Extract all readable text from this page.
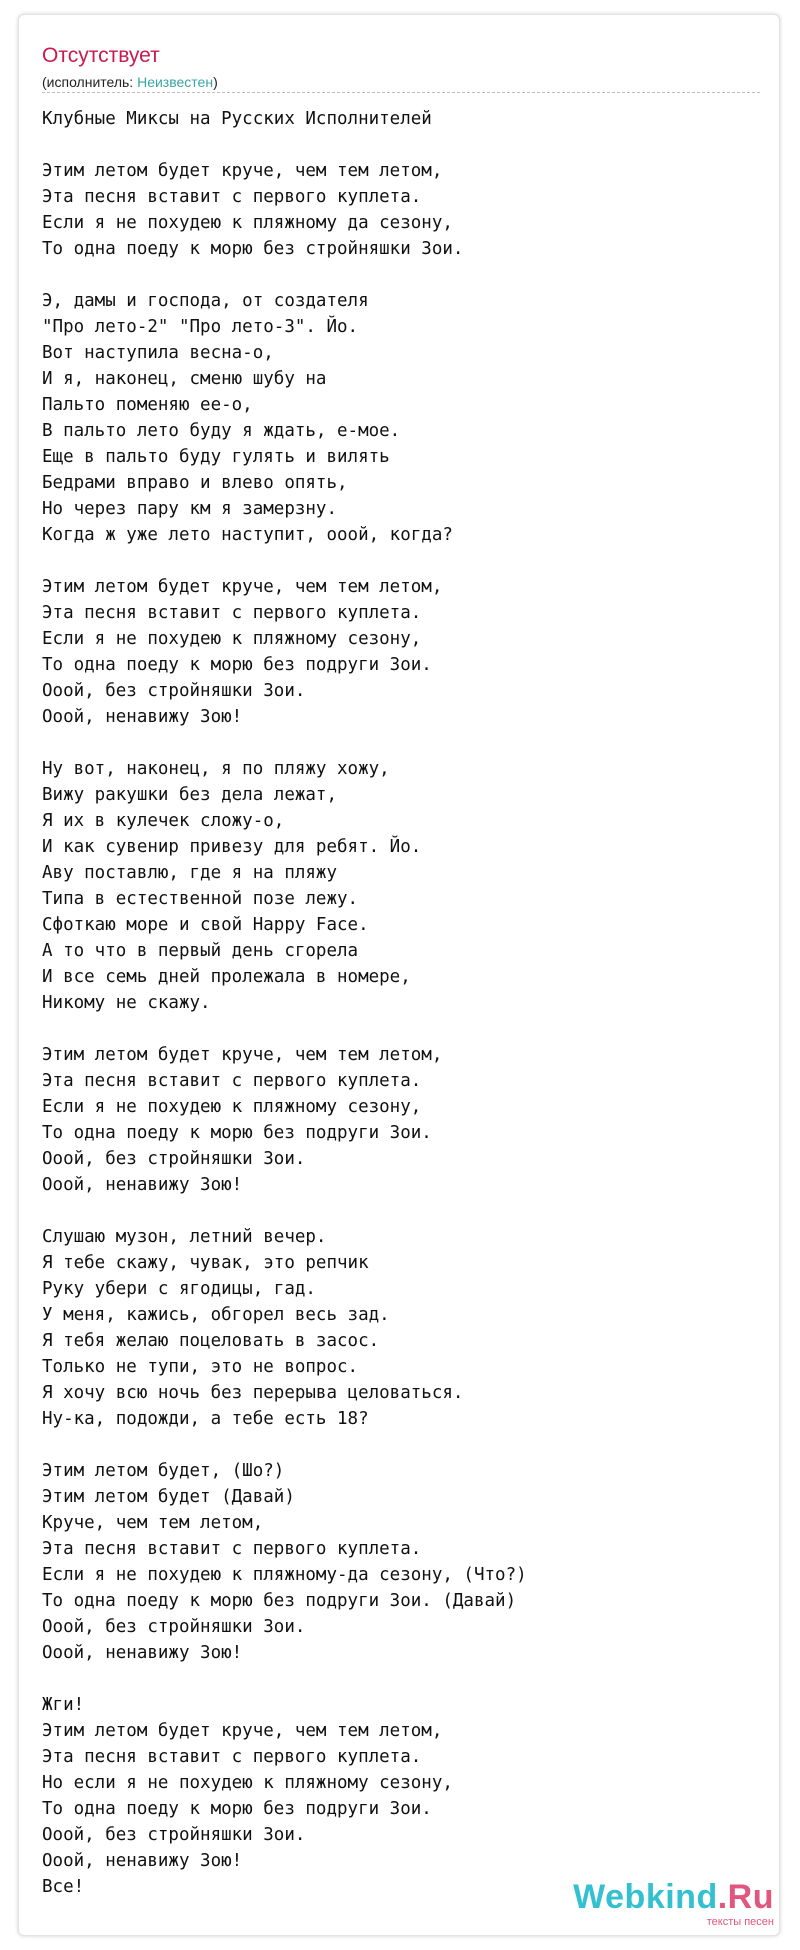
Отсутствует
(исполнитель: Неизвестен)
Клубные Миксы на Русских Исполнителей

Этим летом будет круче, чем тем летом,
Эта песня вставит с первого куплета.
Если я не похудею к пляжному да сезону,
То одна поеду к морю без стройняшки Зои.

Э, дамы и господа, от создателя
"Про лето-2" "Про лето-3". Йо.
Вот наступила весна-о,
И я, наконец, сменю шубу на
Пальто поменяю ее-о,
В пальто лето буду я ждать, е-мое.
Еще в пальто буду гулять и вилять
Бедрами вправо и влево опять,
Но через пару км я замерзну.
Когда ж уже лето наступит, ооой, когда?

Этим летом будет круче, чем тем летом,
Эта песня вставит с первого куплета.
Если я не похудею к пляжному сезону,
То одна поеду к морю без подруги Зои.
Ооой, без стройняшки Зои.
Ооой, ненавижу Зою!

Ну вот, наконец, я по пляжу хожу,
Вижу ракушки без дела лежат,
Я их в кулечек сложу-о,
И как сувенир привезу для ребят. Йо.
Аву поставлю, где я на пляжу
Типа в естественной позе лежу.
Сфоткаю море и свой Happy Face.
А то что в первый день сгорела
И все семь дней пролежала в номере,
Никому не скажу.

Этим летом будет круче, чем тем летом,
Эта песня вставит с первого куплета.
Если я не похудею к пляжному сезону,
То одна поеду к морю без подруги Зои.
Ооой, без стройняшки Зои.
Ооой, ненавижу Зою!

Слушаю музон, летний вечер.
Я тебе скажу, чувак, это репчик
Руку убери с ягодицы, гад.
У меня, кажись, обгорел весь зад.
Я тебя желаю поцеловать в засос.
Только не тупи, это не вопрос.
Я хочу всю ночь без перерыва целоваться.
Ну-ка, подожди, а тебе есть 18?

Этим летом будет, (Шо?)
Этим летом будет (Давай)
Круче, чем тем летом,
Эта песня вставит с первого куплета.
Если я не похудею к пляжному-да сезону, (Что?)
То одна поеду к морю без подруги Зои. (Давай)
Ооой, без стройняшки Зои.
Ооой, ненавижу Зою!

Жги!
Этим летом будет круче, чем тем летом,
Эта песня вставит с первого куплета.
Но если я не похудею к пляжному сезону,
То одна поеду к морю без подруги Зои.
Ооой, без стройняшки Зои.
Ооой, ненавижу Зою!
Все!	Webkind.Ru
тексты песен
